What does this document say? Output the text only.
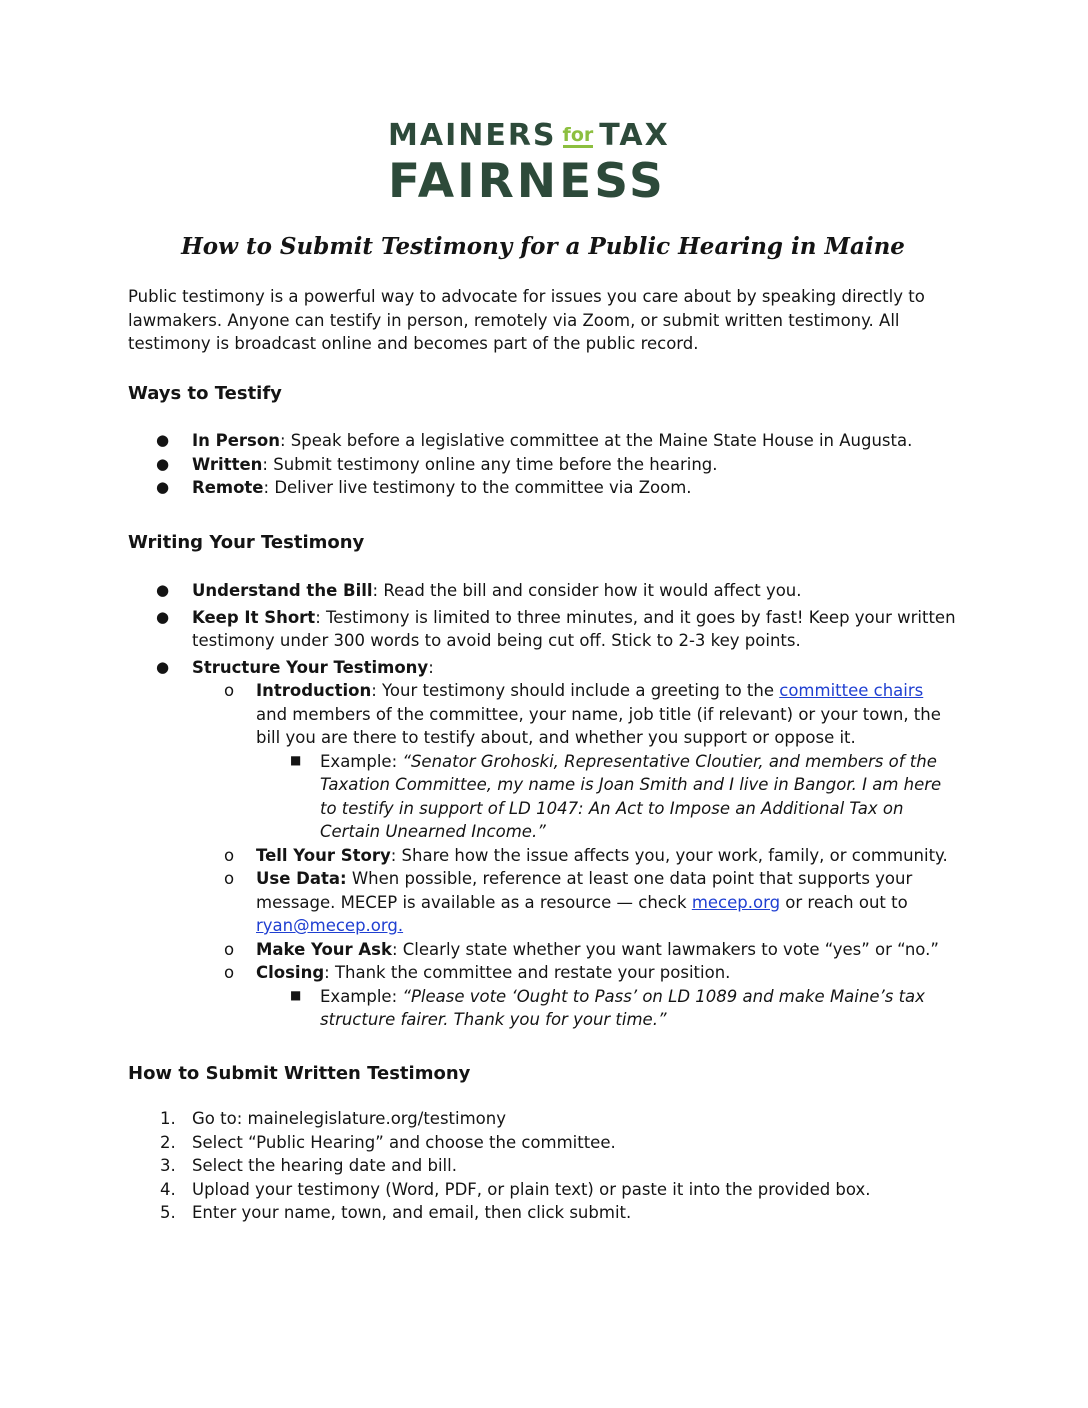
MAINERS for TAX
FAIRNESS
How to Submit Testimony for a Public Hearing in Maine

Public testimony is a powerful way to advocate for issues you care about by speaking directly to lawmakers. Anyone can testify in person, remotely via Zoom, or submit written testimony. All testimony is broadcast online and becomes part of the public record.

Ways to Testify
● In Person: Speak before a legislative committee at the Maine State House in Augusta.
● Written: Submit testimony online any time before the hearing.
● Remote: Deliver live testimony to the committee via Zoom.
Writing Your Testimony
● Understand the Bill: Read the bill and consider how it would affect you.
● Keep It Short: Testimony is limited to three minutes, and it goes by fast! Keep your written testimony under 300 words to avoid being cut off. Stick to 2-3 key points.
● Structure Your Testimony:
o Introduction: Your testimony should include a greeting to the committee chairs and members of the committee, your name, job title (if relevant) or your town, the bill you are there to testify about, and whether you support or oppose it.
■ Example: “Senator Grohoski, Representative Cloutier, and members of the Taxation Committee, my name is Joan Smith and I live in Bangor. I am here to testify in support of LD 1047: An Act to Impose an Additional Tax on Certain Unearned Income.”
o Tell Your Story: Share how the issue affects you, your work, family, or community.
o Use Data: When possible, reference at least one data point that supports your message. MECEP is available as a resource — check mecep.org or reach out to ryan@mecep.org.
o Make Your Ask: Clearly state whether you want lawmakers to vote “yes” or “no.”
o Closing: Thank the committee and restate your position.
■ Example: “Please vote ‘Ought to Pass’ on LD 1089 and make Maine’s tax structure fairer. Thank you for your time.”
How to Submit Written Testimony
1. Go to: mainelegislature.org/testimony
2. Select “Public Hearing” and choose the committee.
3. Select the hearing date and bill.
4. Upload your testimony (Word, PDF, or plain text) or paste it into the provided box.
5. Enter your name, town, and email, then click submit.
